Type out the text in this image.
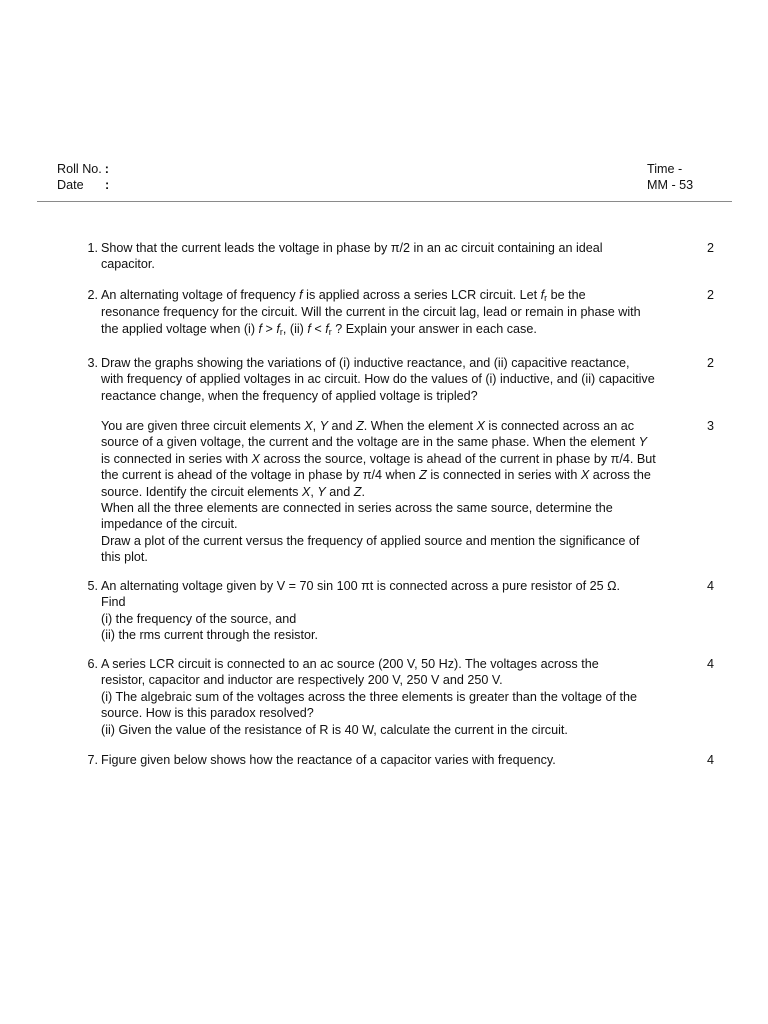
Roll No. :
Date :
Time -
MM - 53
1. Show that the current leads the voltage in phase by π/2 in an ac circuit containing an ideal
capacitor.
2
2. An alternating voltage of frequency f is applied across a series LCR circuit. Let $f_r$ be the
resonance frequency for the circuit. Will the current in the circuit lag, lead or remain in phase with
the applied voltage when (i) $f > f_r$, (ii) $f < f_r$ ? Explain your answer in each case.
2
3. Draw the graphs showing the variations of (i) inductive reactance, and (ii) capacitive reactance,
with frequency of applied voltages in ac circuit. How do the values of (i) inductive, and (ii) capacitive
reactance change, when the frequency of applied voltage is tripled?
2
You are given three circuit elements X, Y and Z. When the element X is connected across an ac
source of a given voltage, the current and the voltage are in the same phase. When the element Y
is connected in series with X across the source, voltage is ahead of the current in phase by π/4. But
the current is ahead of the voltage in phase by π/4 when Z is connected in series with X across the
source. Identify the circuit elements X, Y and Z.
When all the three elements are connected in series across the same source, determine the
impedance of the circuit.
Draw a plot of the current versus the frequency of applied source and mention the significance of
this plot.
3
5. An alternating voltage given by V = 70 sin 100 πt is connected across a pure resistor of 25 Ω.
Find
(i) the frequency of the source, and
(ii) the rms current through the resistor.
4
6. A series LCR circuit is connected to an ac source (200 V, 50 Hz). The voltages across the
resistor, capacitor and inductor are respectively 200 V, 250 V and 250 V.
(i) The algebraic sum of the voltages across the three elements is greater than the voltage of the
source. How is this paradox resolved?
(ii) Given the value of the resistance of R is 40 W, calculate the current in the circuit.
4
7. Figure given below shows how the reactance of a capacitor varies with frequency.	4
